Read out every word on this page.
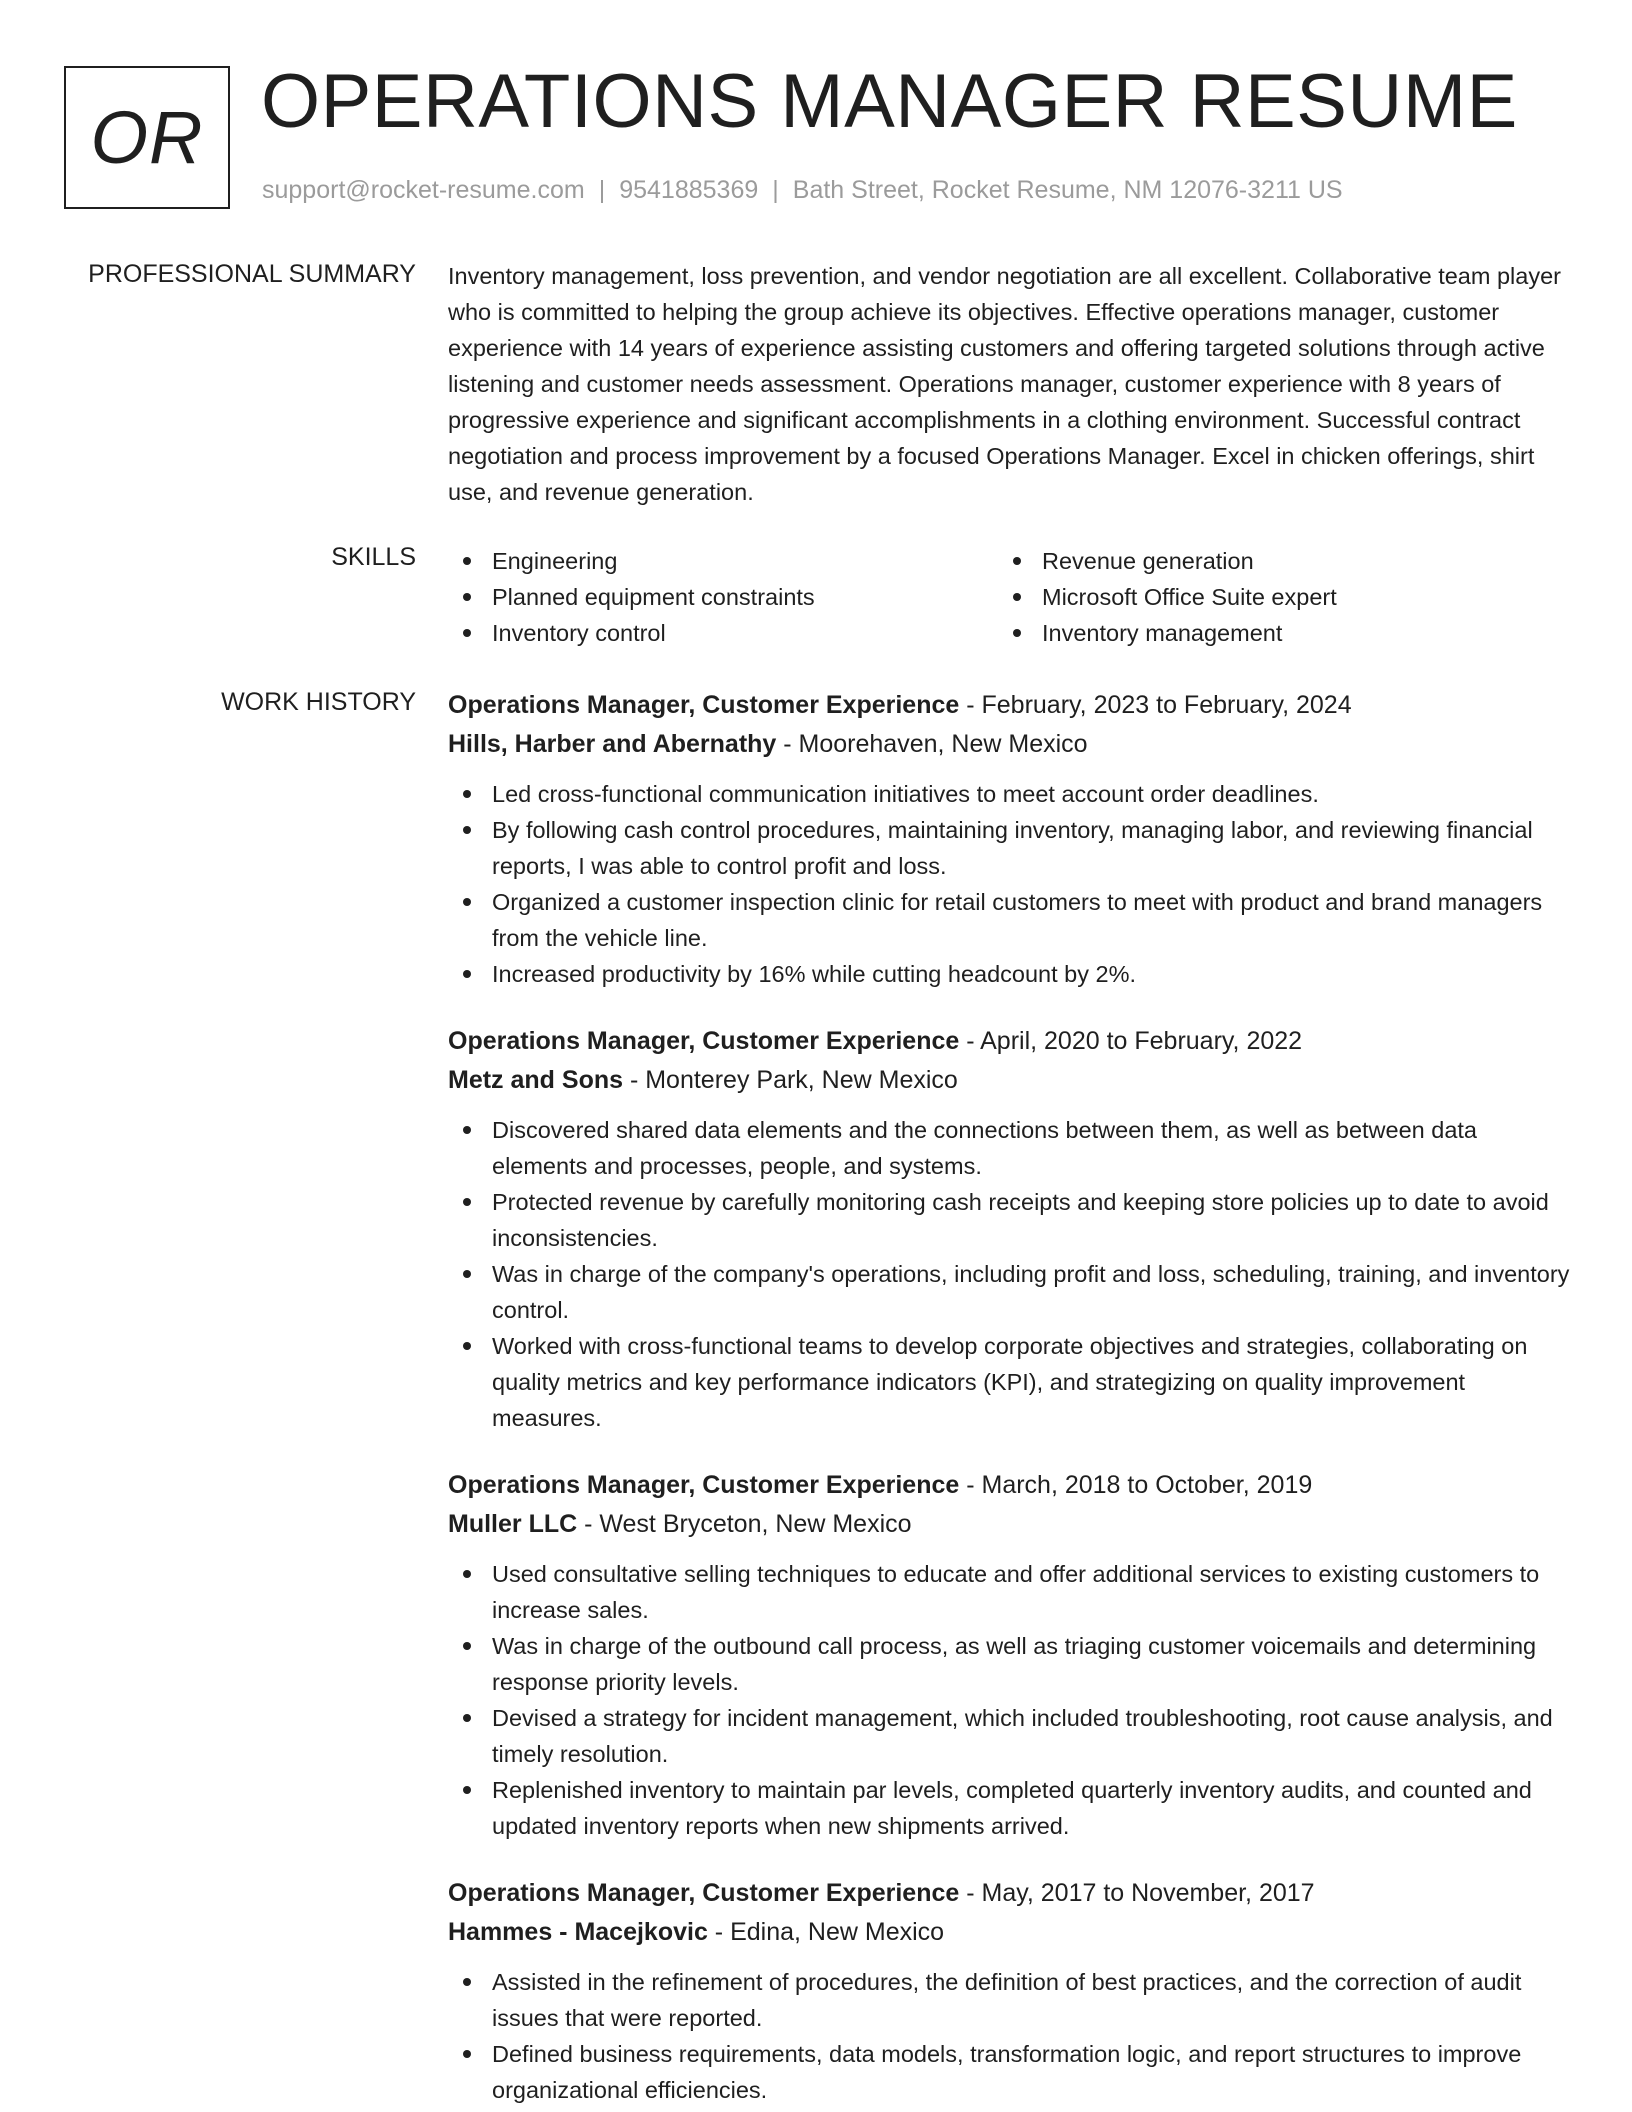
OR OPERATIONS MANAGER RESUME
support@rocket-resume.com | 9541885369 | Bath Street, Rocket Resume, NM 12076-3211 US
PROFESSIONAL SUMMARY Inventory management, loss prevention, and vendor negotiation are all excellent. Collaborative team player who is committed to helping the group achieve its objectives. Effective operations manager, customer experience with 14 years of experience assisting customers and offering targeted solutions through active listening and customer needs assessment. Operations manager, customer experience with 8 years of progressive experience and significant accomplishments in a clothing environment. Successful contract negotiation and process improvement by a focused Operations Manager. Excel in chicken offerings, shirt use, and revenue generation.
SKILLS	Engineering
Planned equipment constraints
Inventory control
Revenue generation
Microsoft Office Suite expert
Inventory management
WORK HISTORY Operations Manager, Customer Experience - February, 2023 to February, 2024
Hills, Harber and Abernathy - Moorehaven, New Mexico
Led cross-functional communication initiatives to meet account order deadlines.
By following cash control procedures, maintaining inventory, managing labor, and reviewing financial reports, I was able to control profit and loss.
Organized a customer inspection clinic for retail customers to meet with product and brand managers from the vehicle line.
Increased productivity by 16% while cutting headcount by 2%.
Operations Manager, Customer Experience - April, 2020 to February, 2022
Metz and Sons - Monterey Park, New Mexico
Discovered shared data elements and the connections between them, as well as between data elements and processes, people, and systems.
Protected revenue by carefully monitoring cash receipts and keeping store policies up to date to avoid inconsistencies.
Was in charge of the company's operations, including profit and loss, scheduling, training, and inventory control.
Worked with cross-functional teams to develop corporate objectives and strategies, collaborating on quality metrics and key performance indicators (KPI), and strategizing on quality improvement measures.
Operations Manager, Customer Experience - March, 2018 to October, 2019
Muller LLC - West Bryceton, New Mexico
Used consultative selling techniques to educate and offer additional services to existing customers to increase sales.
Was in charge of the outbound call process, as well as triaging customer voicemails and determining response priority levels.
Devised a strategy for incident management, which included troubleshooting, root cause analysis, and timely resolution.
Replenished inventory to maintain par levels, completed quarterly inventory audits, and counted and updated inventory reports when new shipments arrived.
Operations Manager, Customer Experience - May, 2017 to November, 2017
Hammes - Macejkovic - Edina, New Mexico
Assisted in the refinement of procedures, the definition of best practices, and the correction of audit issues that were reported.
Defined business requirements, data models, transformation logic, and report structures to improve organizational efficiencies.
